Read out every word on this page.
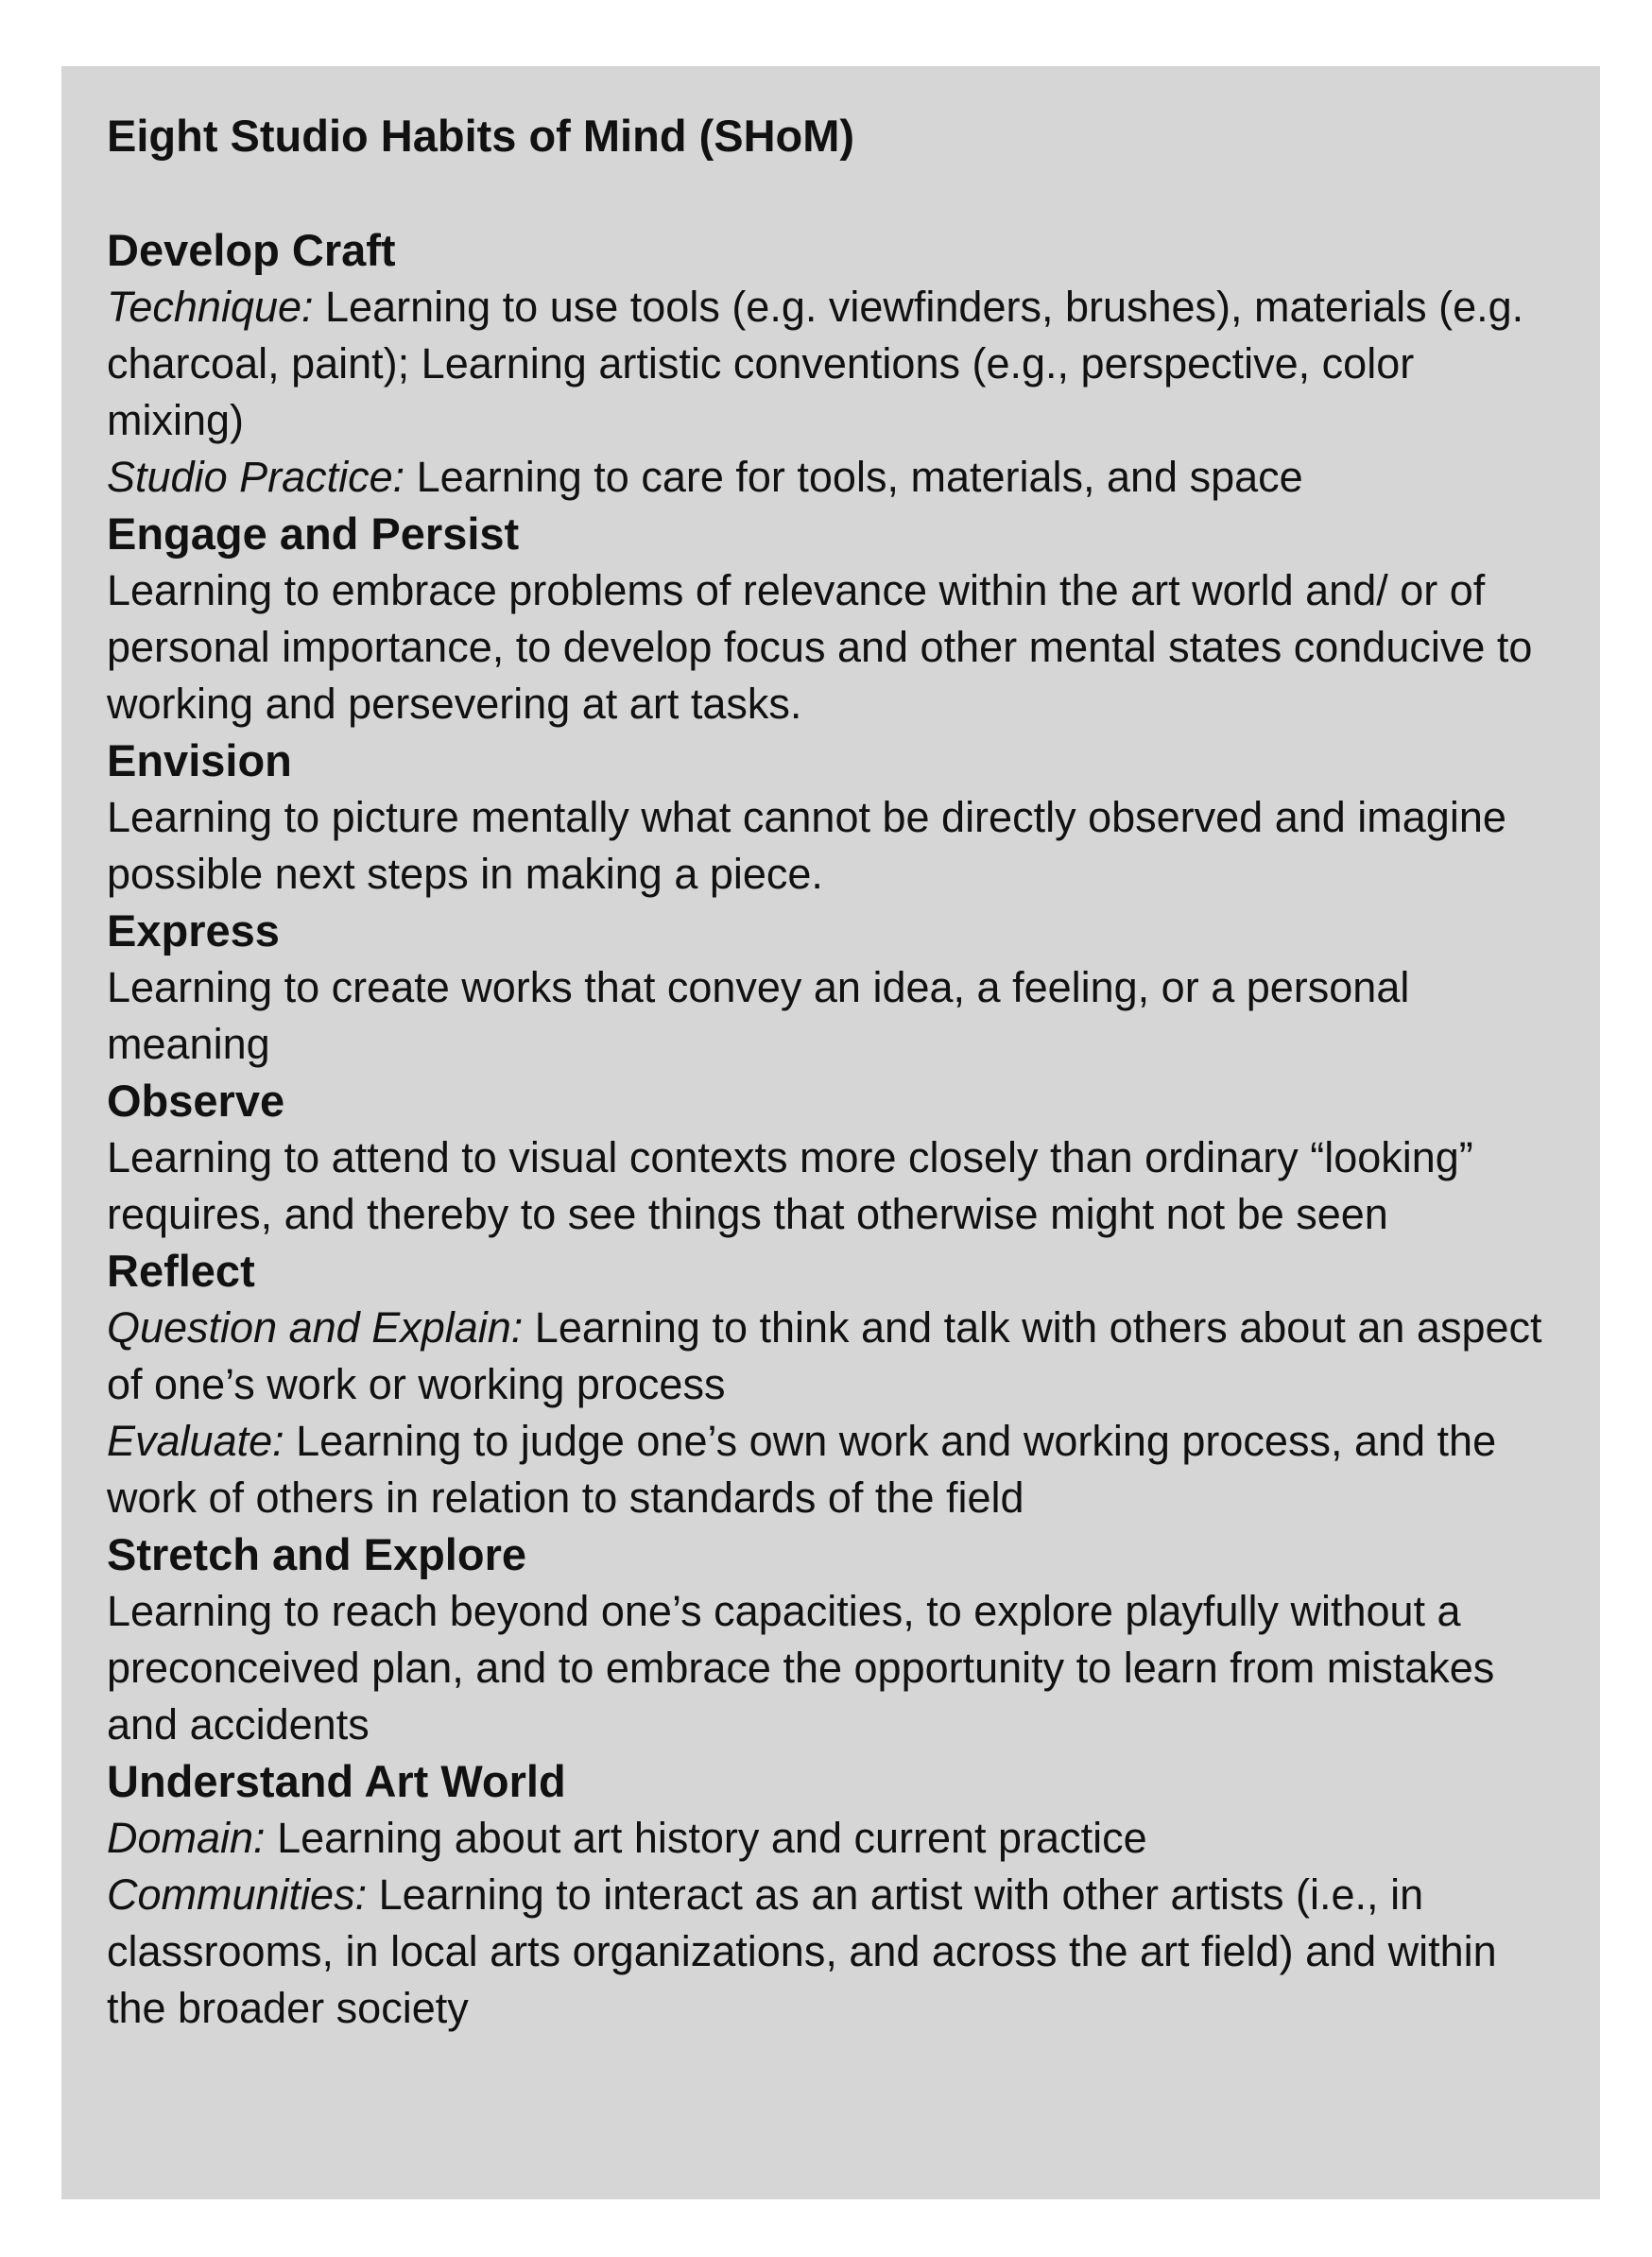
Eight Studio Habits of Mind (SHoM)

Develop Craft

Technique: Learning to use tools (e.g. viewfinders, brushes), materials (e.g. charcoal, paint); Learning artistic conventions (e.g., perspective, color mixing)

Studio Practice: Learning to care for tools, materials, and space

Engage and Persist

Learning to embrace problems of relevance within the art world and/ or of personal importance, to develop focus and other mental states conducive to working and persevering at art tasks.

Envision

Learning to picture mentally what cannot be directly observed and imagine possible next steps in making a piece.

Express

Learning to create works that convey an idea, a feeling, or a personal meaning

Observe

Learning to attend to visual contexts more closely than ordinary “looking” requires, and thereby to see things that otherwise might not be seen

Reflect

Question and Explain: Learning to think and talk with others about an aspect of one’s work or working process

Evaluate: Learning to judge one’s own work and working process, and the work of others in relation to standards of the field

Stretch and Explore

Learning to reach beyond one’s capacities, to explore playfully without a preconceived plan, and to embrace the opportunity to learn from mistakes and accidents

Understand Art World

Domain: Learning about art history and current practice

Communities: Learning to interact as an artist with other artists (i.e., in classrooms, in local arts organizations, and across the art field) and within the broader society
